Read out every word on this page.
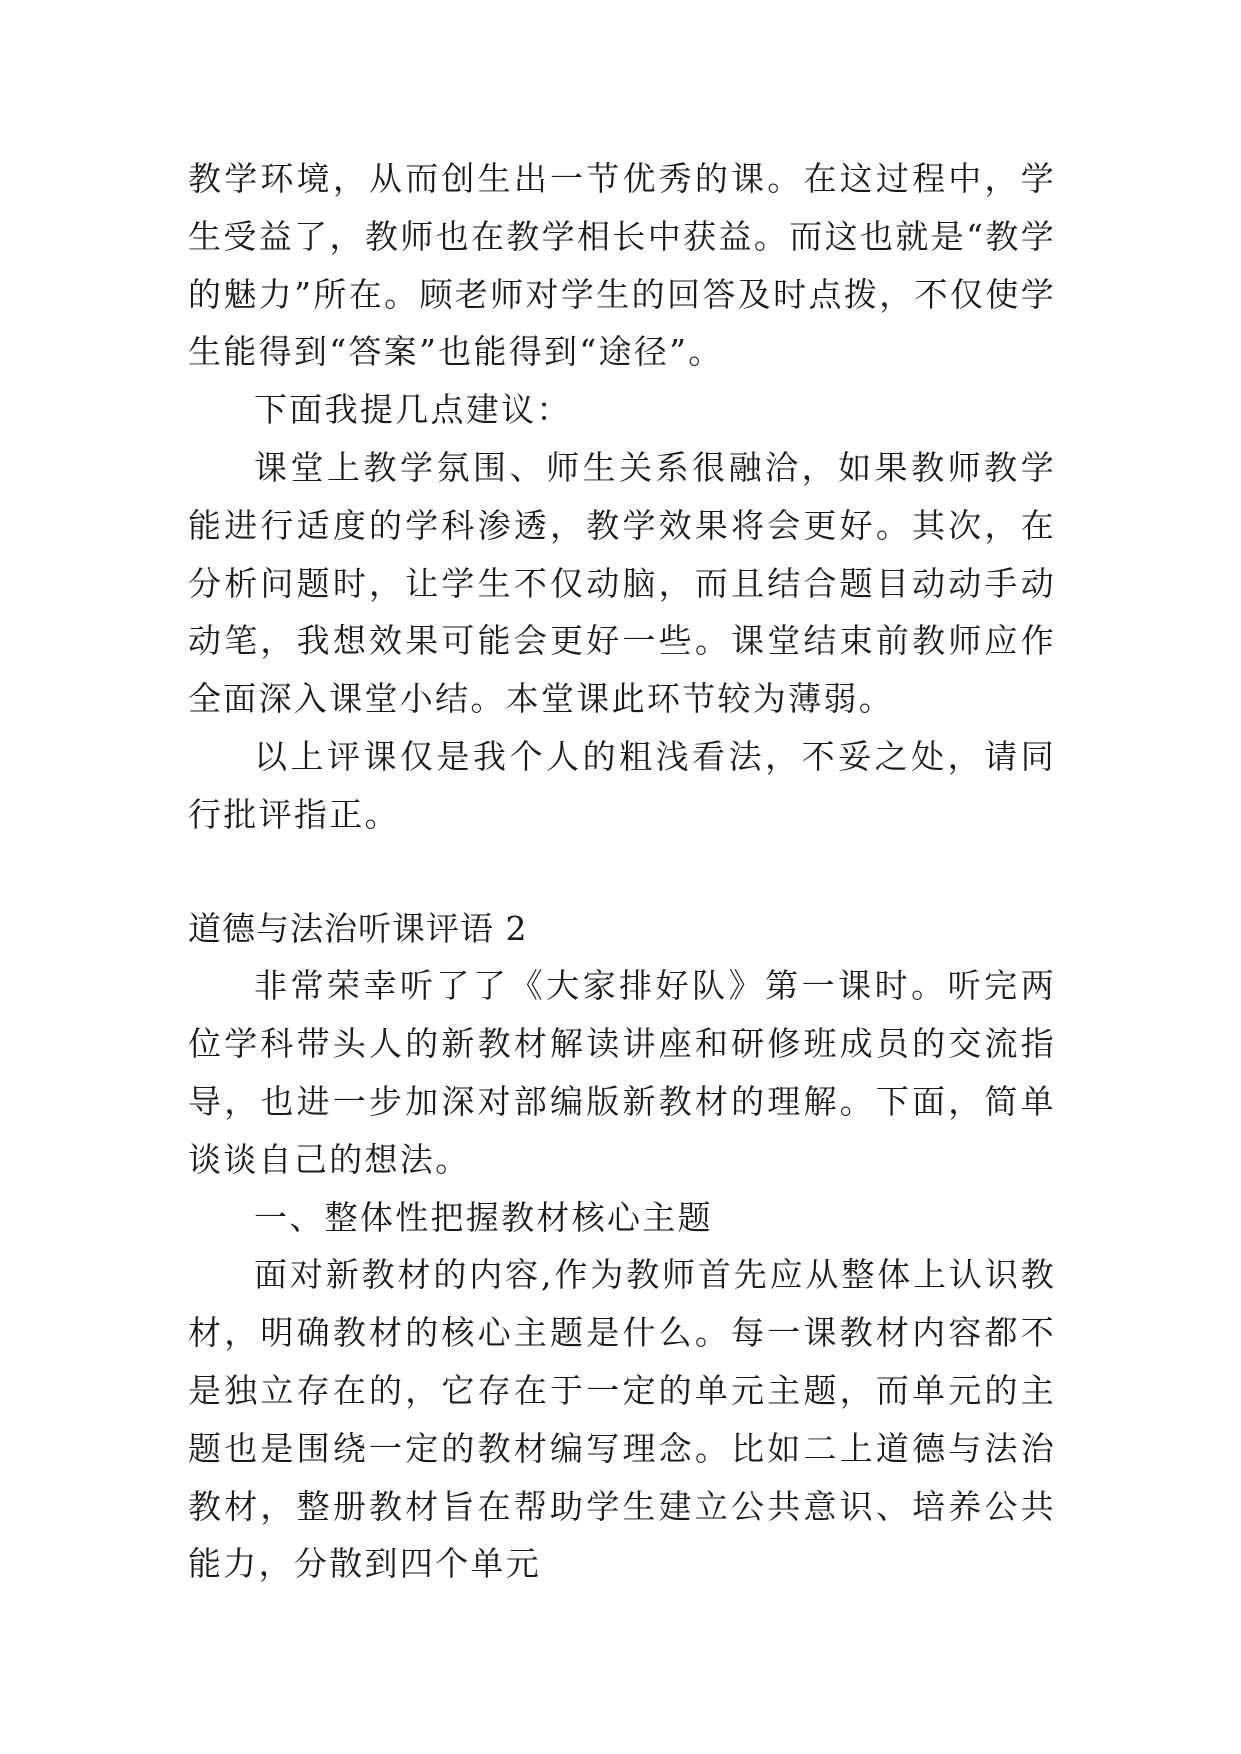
教学环境，从而创生出一节优秀的课。在这过程中，学生受益了，教师也在教学相长中获益。而这也就是“教学的魅力”所在。顾老师对学生的回答及时点拨，不仅使学生能得到“答案”也能得到“途径”。

下面我提几点建议：

课堂上教学氛围、师生关系很融洽，如果教师教学能进行适度的学科渗透，教学效果将会更好。其次，在分析问题时，让学生不仅动脑，而且结合题目动动手动动笔，我想效果可能会更好一些。课堂结束前教师应作全面深入课堂小结。本堂课此环节较为薄弱。

以上评课仅是我个人的粗浅看法，不妥之处，请同行批评指正。

道德与法治听课评语 2

非常荣幸听了了《大家排好队》第一课时。听完两位学科带头人的新教材解读讲座和研修班成员的交流指导，也进一步加深对部编版新教材的理解。下面，简单谈谈自己的想法。

一、整体性把握教材核心主题

面对新教材的内容,作为教师首先应从整体上认识教材，明确教材的核心主题是什么。每一课教材内容都不是独立存在的，它存在于一定的单元主题，而单元的主题也是围绕一定的教材编写理念。比如二上道德与法治教材，整册教材旨在帮助学生建立公共意识、培养公共能力，分散到四个单元
